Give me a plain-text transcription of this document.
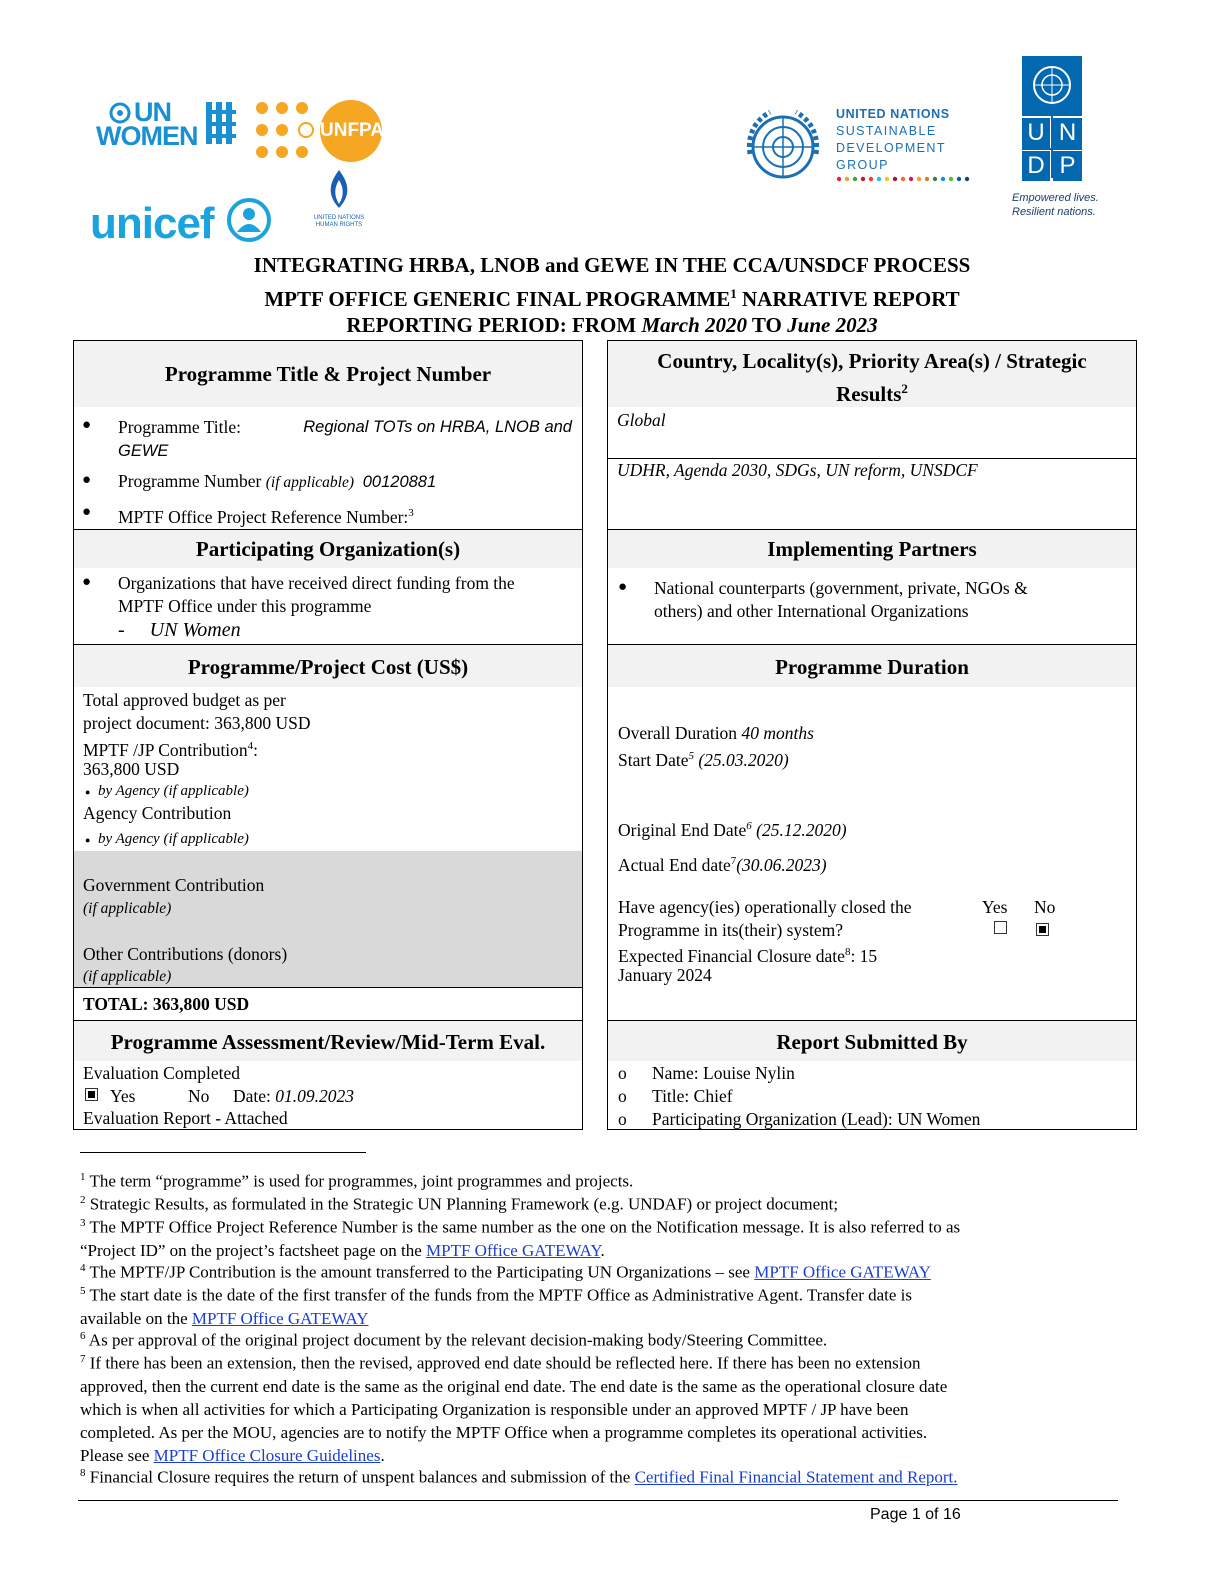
UN
WOMEN	UNFPA
unicef	UNITED NATIONS
HUMAN RIGHTS
UNITED NATIONS
SUSTAINABLE
DEVELOPMENT
GROUP
U N
D P
Empowered lives.
Resilient nations.
INTEGRATING HRBA, LNOB and GEWE IN THE CCA/UNSDCF PROCESS
MPTF OFFICE GENERIC FINAL PROGRAMME$^1$ NARRATIVE REPORT
REPORTING PERIOD: FROM March 2020 TO June 2023
Programme Title & Project Number
● Programme Title:	Regional TOTs on HRBA, LNOB and
GEWE
● Programme Number (if applicable) 00120881
● MPTF Office Project Reference Number:$^3$
Participating Organization(s)
● Organizations that have received direct funding from the
MPTF Office under this programme
- UN Women
Programme/Project Cost (US$)
Total approved budget as per
project document: 363,800 USD
MPTF /JP Contribution$^4$:
363,800 USD
● by Agency (if applicable)
Agency Contribution
● by Agency (if applicable)
Government Contribution
(if applicable)
Other Contributions (donors)
(if applicable)
TOTAL: 363,800 USD
Programme Assessment/Review/Mid-Term Eval.
Evaluation Completed
Yes	No Date: 01.09.2023
Evaluation Report - Attached
Country, Locality(s), Priority Area(s) / Strategic
Results$^2$
Global
UDHR, Agenda 2030, SDGs, UN reform, UNSDCF
Implementing Partners
● National counterparts (government, private, NGOs &
others) and other International Organizations
Programme Duration
Overall Duration 40 months
Start Date$^5$ (25.03.2020)
Original End Date$^6$ (25.12.2020)
Actual End date$^7$(30.06.2023)
Have agency(ies) operationally closed the
Programme in its(their) system?
Yes No
Expected Financial Closure date$^8$: 15
January 2024
Report Submitted By
o Name: Louise Nylin
o Title: Chief
o Participating Organization (Lead): UN Women
$^1$ The term “programme” is used for programmes, joint programmes and projects.
$^2$ Strategic Results, as formulated in the Strategic UN Planning Framework (e.g. UNDAF) or project document;
$^3$ The MPTF Office Project Reference Number is the same number as the one on the Notification message. It is also referred to as
“Project ID” on the project’s factsheet page on the MPTF Office GATEWAY.
$^4$ The MPTF/JP Contribution is the amount transferred to the Participating UN Organizations – see MPTF Office GATEWAY
$^5$ The start date is the date of the first transfer of the funds from the MPTF Office as Administrative Agent. Transfer date is
available on the MPTF Office GATEWAY
$^6$ As per approval of the original project document by the relevant decision-making body/Steering Committee.
$^7$ If there has been an extension, then the revised, approved end date should be reflected here. If there has been no extension
approved, then the current end date is the same as the original end date. The end date is the same as the operational closure date
which is when all activities for which a Participating Organization is responsible under an approved MPTF / JP have been
completed. As per the MOU, agencies are to notify the MPTF Office when a programme completes its operational activities.
Please see MPTF Office Closure Guidelines.
$^8$ Financial Closure requires the return of unspent balances and submission of the Certified Final Financial Statement and Report.
Page 1 of 16
